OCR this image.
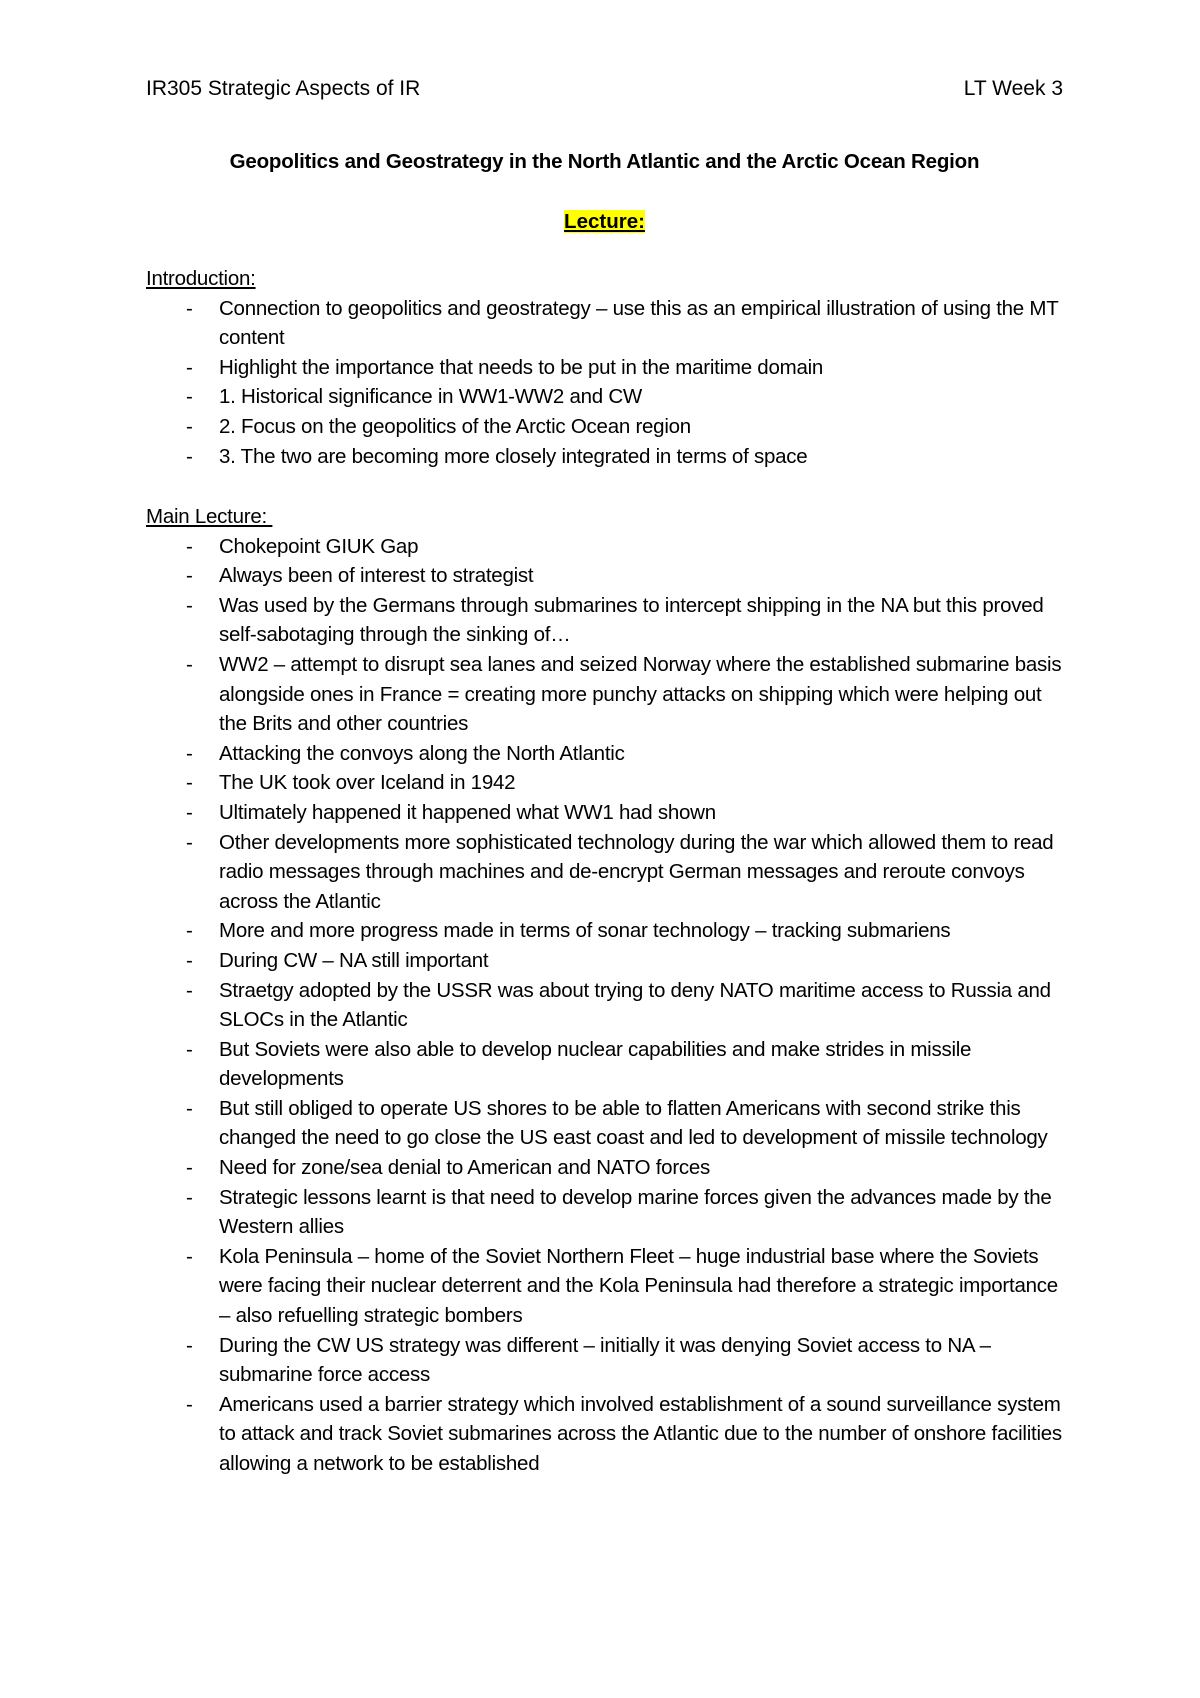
IR305 Strategic Aspects of IR	LT Week 3
Geopolitics and Geostrategy in the North Atlantic and the Arctic Ocean Region
Lecture:
Introduction:
- Connection to geopolitics and geostrategy – use this as an empirical illustration of using the MT content
- Highlight the importance that needs to be put in the maritime domain
- 1. Historical significance in WW1-WW2 and CW
- 2. Focus on the geopolitics of the Arctic Ocean region
- 3. The two are becoming more closely integrated in terms of space
Main Lecture:
- Chokepoint GIUK Gap
- Always been of interest to strategist
- Was used by the Germans through submarines to intercept shipping in the NA but this proved self-sabotaging through the sinking of…
- WW2 – attempt to disrupt sea lanes and seized Norway where the established submarine basis alongside ones in France = creating more punchy attacks on shipping which were helping out the Brits and other countries
- Attacking the convoys along the North Atlantic
- The UK took over Iceland in 1942
- Ultimately happened it happened what WW1 had shown
- Other developments more sophisticated technology during the war which allowed them to read radio messages through machines and de-encrypt German messages and reroute convoys across the Atlantic
- More and more progress made in terms of sonar technology – tracking submariens
- During CW – NA still important
- Straetgy adopted by the USSR was about trying to deny NATO maritime access to Russia and SLOCs in the Atlantic
- But Soviets were also able to develop nuclear capabilities and make strides in missile developments
- But still obliged to operate US shores to be able to flatten Americans with second strike this changed the need to go close the US east coast and led to development of missile technology
- Need for zone/sea denial to American and NATO forces
- Strategic lessons learnt is that need to develop marine forces given the advances made by the Western allies
- Kola Peninsula – home of the Soviet Northern Fleet – huge industrial base where the Soviets were facing their nuclear deterrent and the Kola Peninsula had therefore a strategic importance – also refuelling strategic bombers
- During the CW US strategy was different – initially it was denying Soviet access to NA – submarine force access
- Americans used a barrier strategy which involved establishment of a sound surveillance system to attack and track Soviet submarines across the Atlantic due to the number of onshore facilities allowing a network to be established
